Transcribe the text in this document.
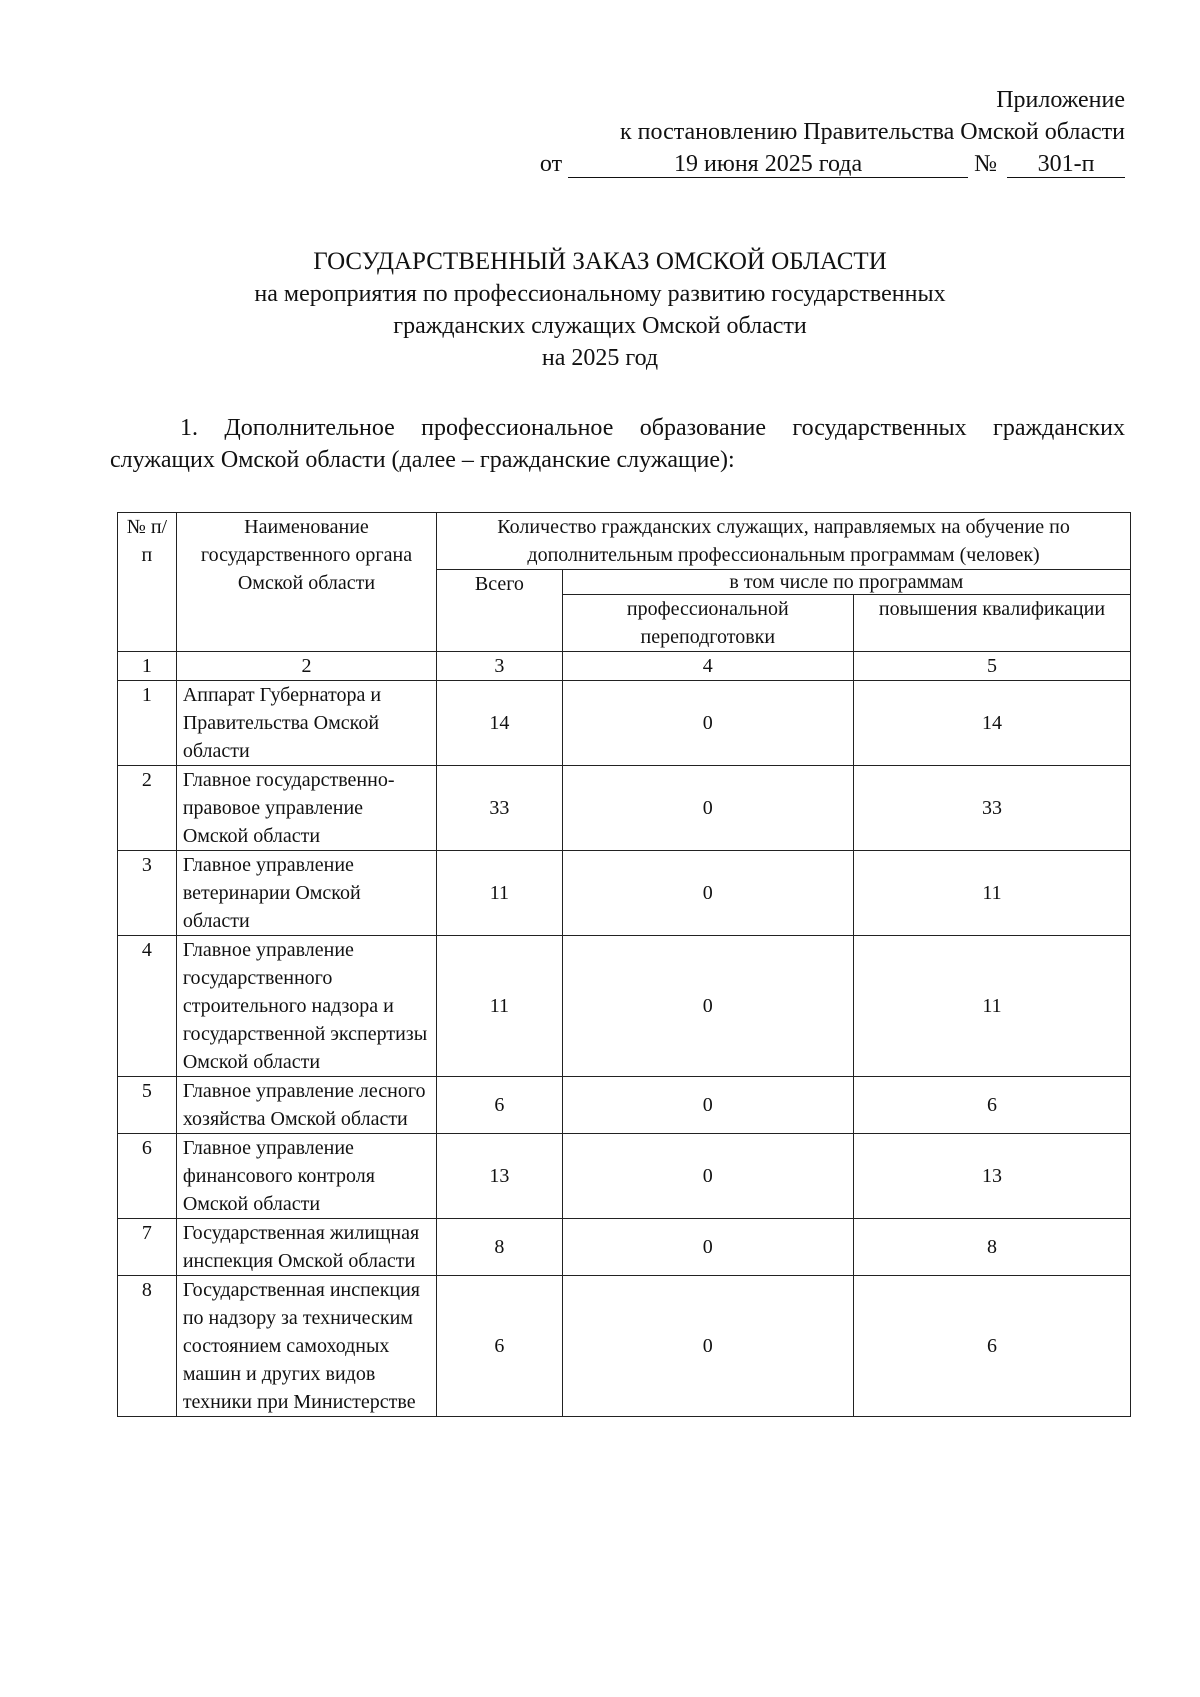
Приложение
к постановлению Правительства Омской области
от	19 июня 2025 года	№	301-п
ГОСУДАРСТВЕННЫЙ ЗАКАЗ ОМСКОЙ ОБЛАСТИ
на мероприятия по профессиональному развитию государственных
гражданских служащих Омской области
на 2025 год
1. Дополнительное профессиональное образование государственных гражданских служащих Омской области (далее – гражданские служащие):
№ п/п	Наименование государственного органа Омской области	Количество гражданских служащих, направляемых на обучение по дополнительным профессиональным программам (человек)		
		Всего	в том числе по программам	
			профессиональной переподготовки	повышения квалификации
1	2	3	4	5
1	Аппарат Губернатора и Правительства Омской области	14	0	14
2	Главное государственно-правовое управление Омской области	33	0	33
3	Главное управление ветеринарии Омской области	11	0	11
4	Главное управление государственного строительного надзора и государственной экспертизы Омской области	11	0	11
5	Главное управление лесного хозяйства Омской области	6	0	6
6	Главное управление финансового контроля Омской области	13	0	13
7	Государственная жилищная инспекция Омской области	8	0	8
8	Государственная инспекция по надзору за техническим состоянием самоходных машин и других видов техники при Министерстве	6	0	6
